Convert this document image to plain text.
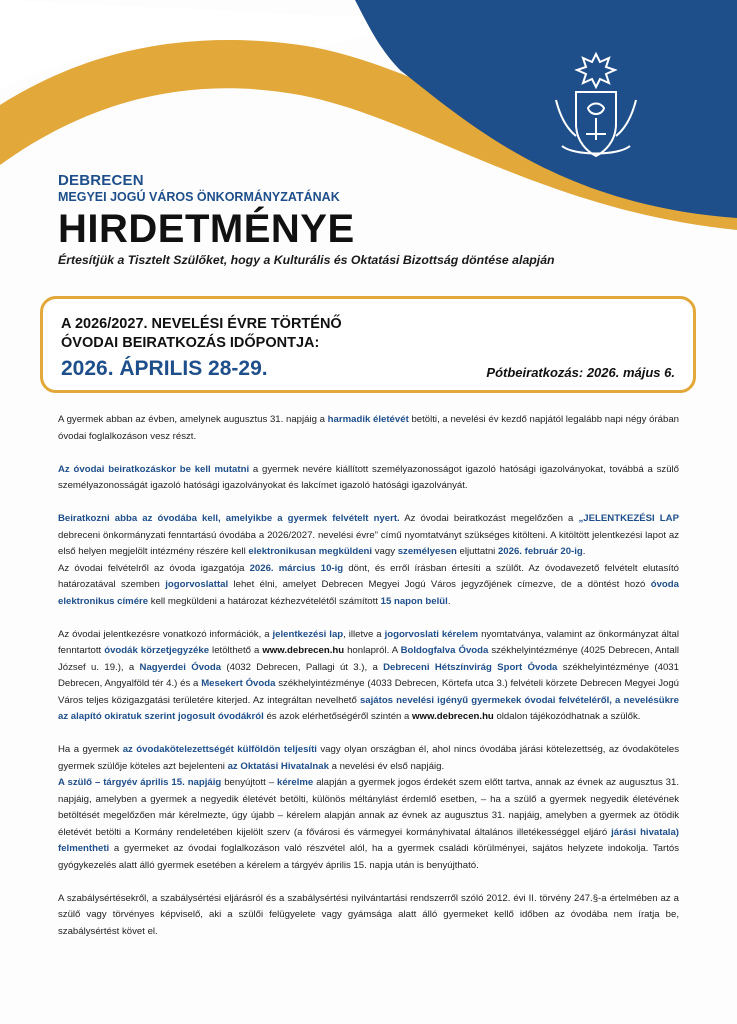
DEBRECEN
MEGYEI JOGÚ VÁROS ÖNKORMÁNYZATÁNAK
HIRDETMÉNYE
Értesítjük a Tisztelt Szülőket, hogy a Kulturális és Oktatási Bizottság döntése alapján
A 2026/2027. NEVELÉSI ÉVRE TÖRTÉNŐ
ÓVODAI BEIRATKOZÁS IDŐPONTJA:
2026. ÁPRILIS 28-29.	Pótbeiratkozás: 2026. május 6.

A gyermek abban az évben, amelynek augusztus 31. napjáig a harmadik életévét betölti, a nevelési év kezdő napjától legalább napi négy órában óvodai foglalkozáson vesz részt.

Az óvodai beiratkozáskor be kell mutatni a gyermek nevére kiállított személyazonosságot igazoló hatósági igazolványokat, továbbá a szülő személyazonosságát igazoló hatósági igazolványokat és lakcímet igazoló hatósági igazolványát.

Beiratkozni abba az óvodába kell, amelyikbe a gyermek felvételt nyert. Az óvodai beiratkozást megelőzően a „JELENTKEZÉSI LAP debreceni önkormányzati fenntartású óvodába a 2026/2027. nevelési évre” című nyomtatványt szükséges kitölteni. A kitöltött jelentkezési lapot az első helyen megjelölt intézmény részére kell elektronikusan megküldeni vagy személyesen eljuttatni 2026. február 20-ig.
Az óvodai felvételről az óvoda igazgatója 2026. március 10-ig dönt, és erről írásban értesíti a szülőt. Az óvodavezető felvételt elutasító határozatával szemben jogorvoslattal lehet élni, amelyet Debrecen Megyei Jogú Város jegyzőjének címezve, de a döntést hozó óvoda elektronikus címére kell megküldeni a határozat kézhezvételétől számított 15 napon belül.

Az óvodai jelentkezésre vonatkozó információk, a jelentkezési lap, illetve a jogorvoslati kérelem nyomtatványa, valamint az önkormányzat által fenntartott óvodák körzetjegyzéke letölthető a www.debrecen.hu honlapról. A Boldogfalva Óvoda székhelyintézménye (4025 Debrecen, Antall József u. 19.), a Nagyerdei Óvoda (4032 Debrecen, Pallagi út 3.), a Debreceni Hétszínvirág Sport Óvoda székhelyintézménye (4031 Debrecen, Angyalföld tér 4.) és a Mesekert Óvoda székhelyintézménye (4033 Debrecen, Körtefa utca 3.) felvételi körzete Debrecen Megyei Jogú Város teljes közigazgatási területére kiterjed. Az integráltan nevelhető sajátos nevelési igényű gyermekek óvodai felvételéről, a nevelésükre az alapító okiratuk szerint jogosult óvodákról és azok elérhetőségéről szintén a www.debrecen.hu oldalon tájékozódhatnak a szülők.

Ha a gyermek az óvodakötelezettségét külföldön teljesíti vagy olyan országban él, ahol nincs óvodába járási kötelezettség, az óvodaköteles gyermek szülője köteles azt bejelenteni az Oktatási Hivatalnak a nevelési év első napjáig.

A szülő – tárgyév április 15. napjáig benyújtott – kérelme alapján a gyermek jogos érdekét szem előtt tartva, annak az évnek az augusztus 31. napjáig, amelyben a gyermek a negyedik életévét betölti, különös méltánylást érdemlő esetben, – ha a szülő a gyermek negyedik életévének betöltését megelőzően már kérelmezte, úgy újabb – kérelem alapján annak az évnek az augusztus 31. napjáig, amelyben a gyermek az ötödik életévét betölti a Kormány rendeletében kijelölt szerv (a fővárosi és vármegyei kormányhivatal általános illetékességgel eljáró járási hivatala) felmentheti a gyermeket az óvodai foglalkozáson való részvétel alól, ha a gyermek családi körülményei, sajátos helyzete indokolja. Tartós gyógykezelés alatt álló gyermek esetében a kérelem a tárgyév április 15. napja után is benyújtható.

A szabálysértésekről, a szabálysértési eljárásról és a szabálysértési nyilvántartási rendszerről szóló 2012. évi II. törvény 247.§-a értelmében az a szülő vagy törvényes képviselő, aki a szülői felügyelete vagy gyámsága alatt álló gyermeket kellő időben az óvodába nem íratja be, szabálysértést követ el.
